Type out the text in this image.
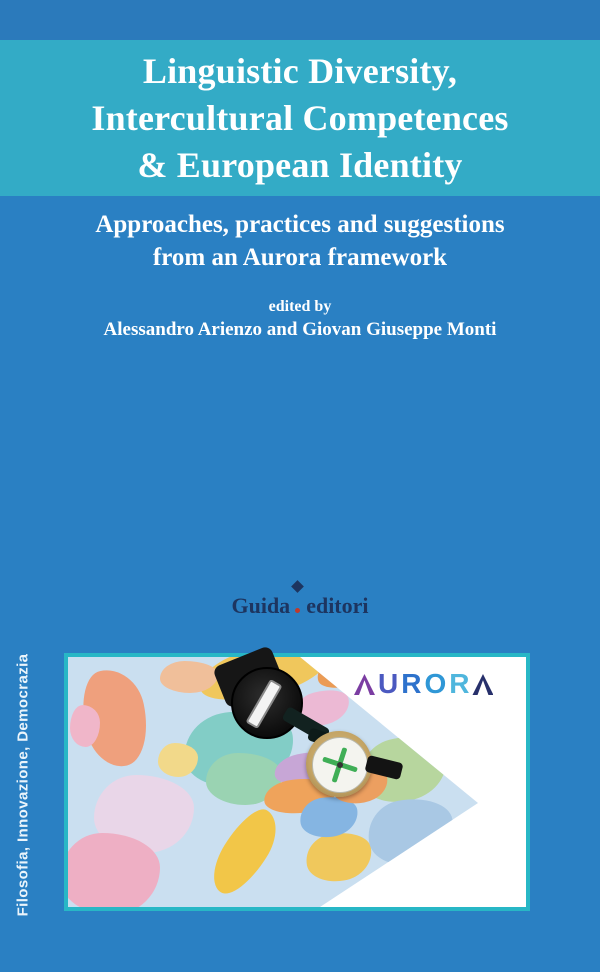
Linguistic Diversity,
Intercultural Competences
& European Identity
Approaches, practices and suggestions
from an Aurora framework
edited by
Alessandro Arienzo and Giovan Giuseppe Monti
Guida editori
Filosofia, Innovazione, Democrazia	U R O R
